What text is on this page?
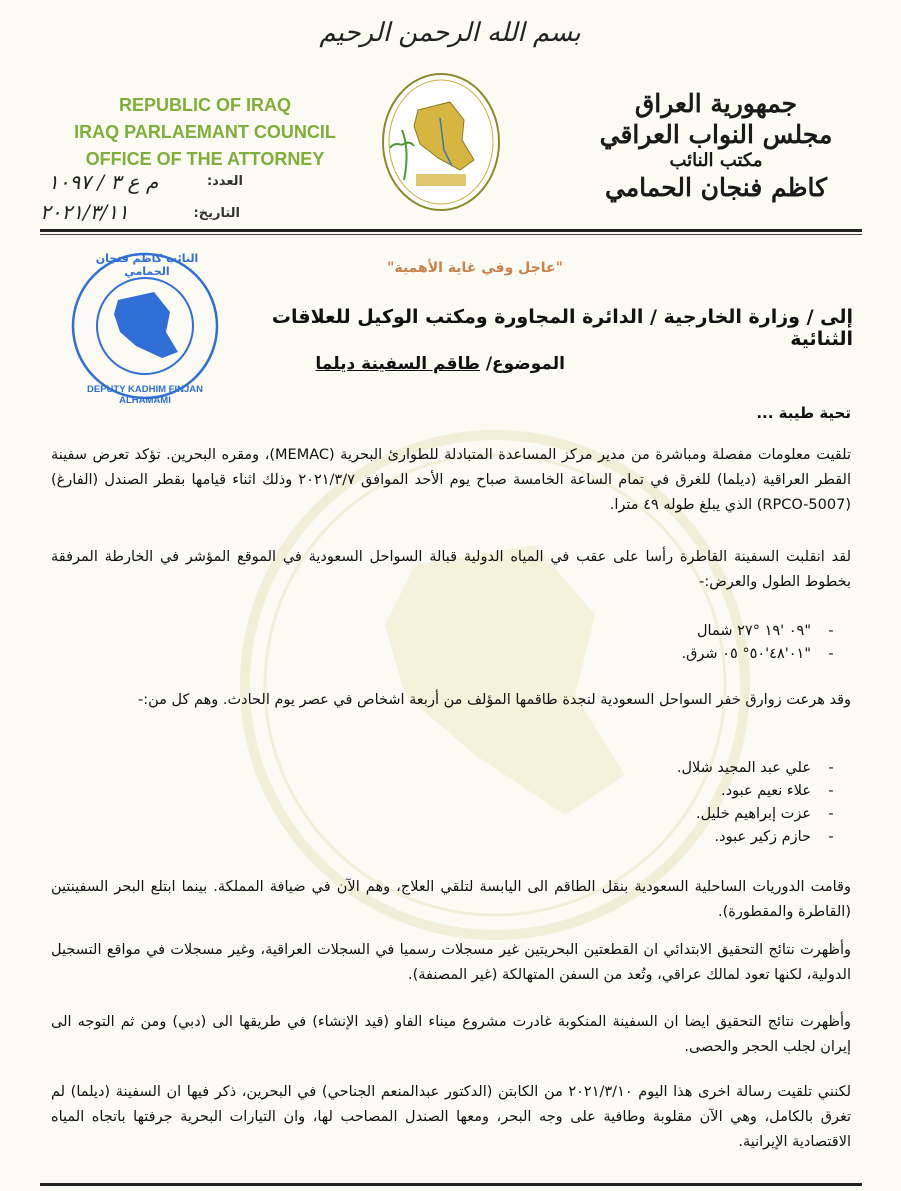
بسم الله الرحمن الرحيم
REPUBLIC OF IRAQ
IRAQ PARLAEMANT COUNCIL
OFFICE OF THE ATTORNEY
جمهورية العراق
مجلس النواب العراقي
مكتب النائب
كاظم فنجان الحمامي
العدد:
م ع ٣ / ١٠٩٧
التاريخ:
٢٠٢١/٣/١١
النائب كاظم فنجان الحمامي
DEPUTY KADHIM FINJAN ALHAMAMI
"عاجل وفي غاية الأهمية"
إلى / وزارة الخارجية / الدائرة المجاورة ومكتب الوكيل للعلاقات الثنائية
الموضوع/ طاقم السفينة ديلما
تحية طيبة ...
تلقيت معلومات مفصلة ومباشرة من مدير مركز المساعدة المتبادلة للطوارئ البحرية (MEMAC)، ومقره البحرين. تؤكد تعرض سفينة القطر العراقية (ديلما) للغرق في تمام الساعة الخامسة صباح يوم الأحد الموافق ٢٠٢١/٣/٧ وذلك اثناء قيامها بقطر الصندل (الفارغ) (RPCO-5007) الذي يبلغ طوله ٤٩ مترا.
لقد انقلبت السفينة القاطرة رأسا على عقب في المياه الدولية قبالة السواحل السعودية في الموقع المؤشر في الخارطة المرفقة بخطوط الطول والعرض:-
- "٠٩ '١٩ °٢٧ شمال
- "٠١'٤٨'٥٠° ٠٥ شرق.
وقد هرعت زوارق خفر السواحل السعودية لنجدة طاقمها المؤلف من أربعة اشخاص في عصر يوم الحادث. وهم كل من:-
- علي عبد المجيد شلال.
- علاء نعيم عبود.
- عزت إبراهيم خليل.
- حازم زكير عبود.
وقامت الدوريات الساحلية السعودية بنقل الطاقم الى اليابسة لتلقي العلاج، وهم الآن في ضيافة المملكة. بينما ابتلع البحر السفينتين (القاطرة والمقطورة).
وأظهرت نتائج التحقيق الابتدائي ان القطعتين البحريتين غير مسجلات رسميا في السجلات العراقية، وغير مسجلات في مواقع التسجيل الدولية، لكنها تعود لمالك عراقي، وتُعد من السفن المتهالكة (غير المصنفة).
وأظهرت نتائج التحقيق ايضا ان السفينة المنكوبة غادرت مشروع ميناء الفاو (قيد الإنشاء) في طريقها الى (دبي) ومن ثم التوجه الى إيران لجلب الحجر والحصى.
لكنني تلقيت رسالة اخرى هذا اليوم ٢٠٢١/٣/١٠ من الكابتن (الدكتور عبدالمنعم الجناحي) في البحرين، ذكر فيها ان السفينة (ديلما) لم تغرق بالكامل، وهي الآن مقلوبة وطافية على وجه البحر، ومعها الصندل المصاحب لها، وان التيارات البحرية جرفتها باتجاه المياه الاقتصادية الإيرانية.
